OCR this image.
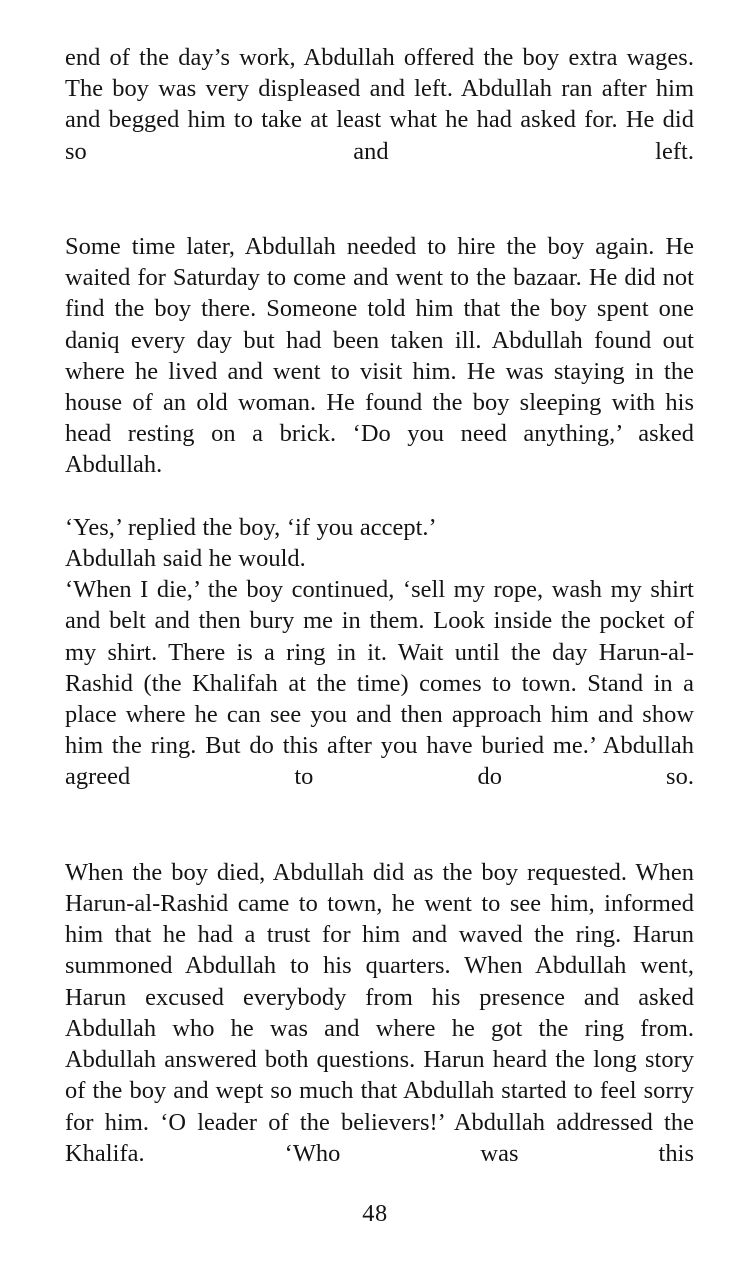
end of the day’s work, Abdullah offered the boy extra wages. The boy was very displeased and left. Abdullah ran after him and begged him to take at least what he had asked for. He did so and left.

Some time later, Abdullah needed to hire the boy again. He waited for Saturday to come and went to the bazaar. He did not find the boy there. Someone told him that the boy spent one daniq every day but had been taken ill. Abdullah found out where he lived and went to visit him. He was staying in the house of an old woman. He found the boy sleeping with his head resting on a brick. ‘Do you need anything,’ asked Abdullah.

‘Yes,’ replied the boy, ‘if you accept.’

Abdullah said he would.

‘When I die,’ the boy continued, ‘sell my rope, wash my shirt and belt and then bury me in them. Look inside the pocket of my shirt. There is a ring in it. Wait until the day Harun-al-Rashid (the Khalifah at the time) comes to town. Stand in a place where he can see you and then approach him and show him the ring. But do this after you have buried me.’ Abdullah agreed to do so.

When the boy died, Abdullah did as the boy requested. When Harun-al-Rashid came to town, he went to see him, informed him that he had a trust for him and waved the ring. Harun summoned Abdullah to his quarters. When Abdullah went, Harun excused everybody from his presence and asked Abdullah who he was and where he got the ring from. Abdullah answered both questions. Harun heard the long story of the boy and wept so much that Abdullah started to feel sorry for him. ‘O leader of the believers!’ Abdullah addressed the Khalifa. ‘Who was this

48
